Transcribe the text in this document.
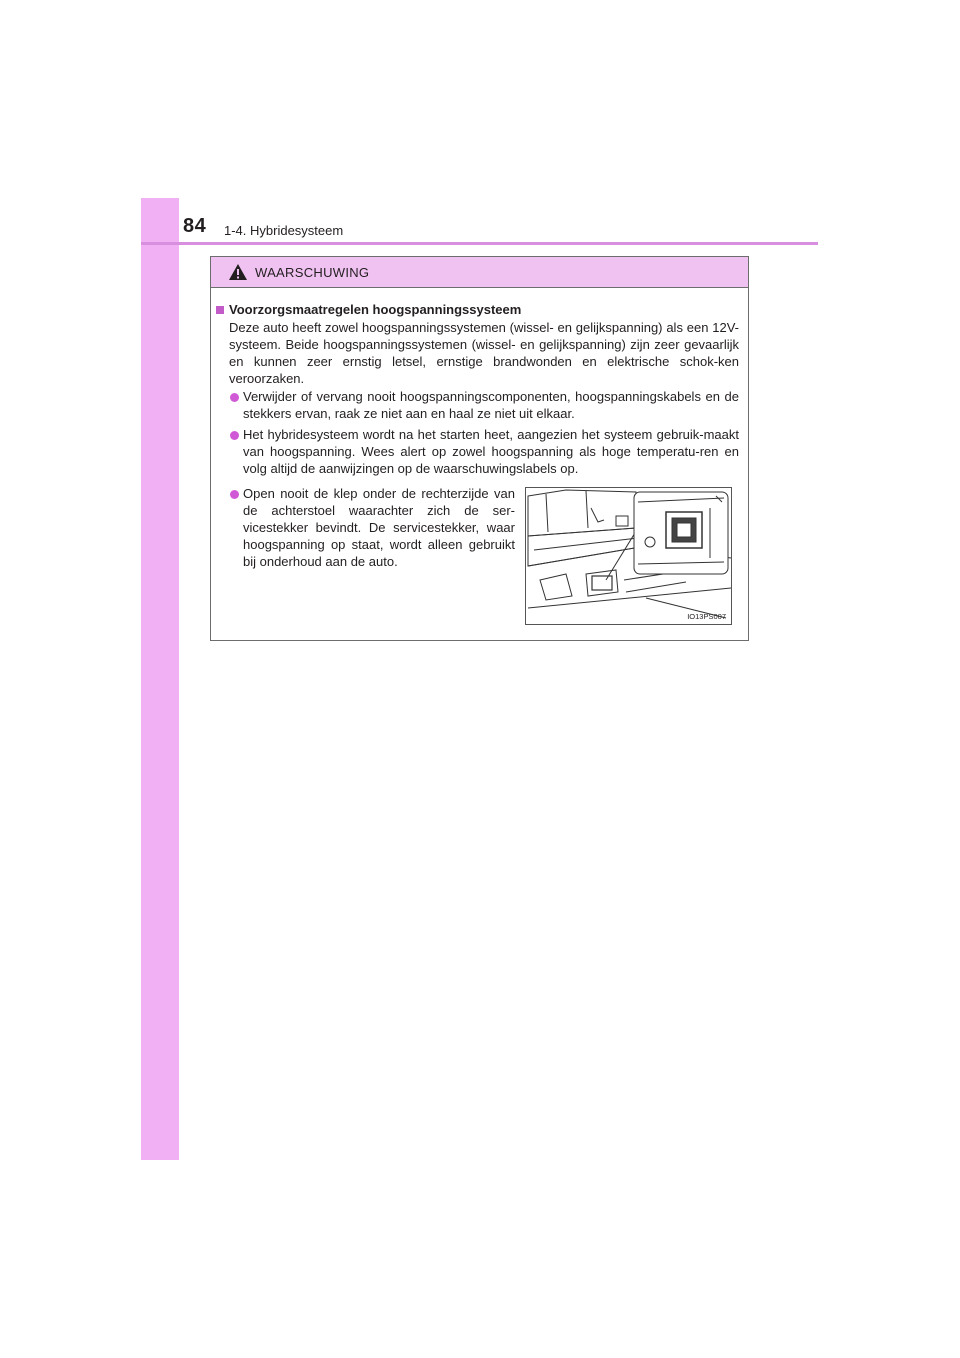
84 1-4. Hybridesysteem
WAARSCHUWING
Voorzorgsmaatregelen hoogspanningssysteem
Deze auto heeft zowel hoogspanningssystemen (wissel- en gelijkspanning) als een 12V-systeem. Beide hoogspanningssystemen (wissel- en gelijkspanning) zijn zeer gevaarlijk en kunnen zeer ernstig letsel, ernstige brandwonden en elektrische schok-ken veroorzaken.
Verwijder of vervang nooit hoogspanningscomponenten, hoogspanningskabels en de stekkers ervan, raak ze niet aan en haal ze niet uit elkaar.
Het hybridesysteem wordt na het starten heet, aangezien het systeem gebruik-maakt van hoogspanning. Wees alert op zowel hoogspanning als hoge temperatu-ren en volg altijd de aanwijzingen op de waarschuwingslabels op.
Open nooit de klep onder de rechterzijde van de achterstoel waarachter zich de ser-vicestekker bevindt. De servicestekker, waar hoogspanning op staat, wordt alleen gebruikt bij onderhoud aan de auto.
IO13PS007
